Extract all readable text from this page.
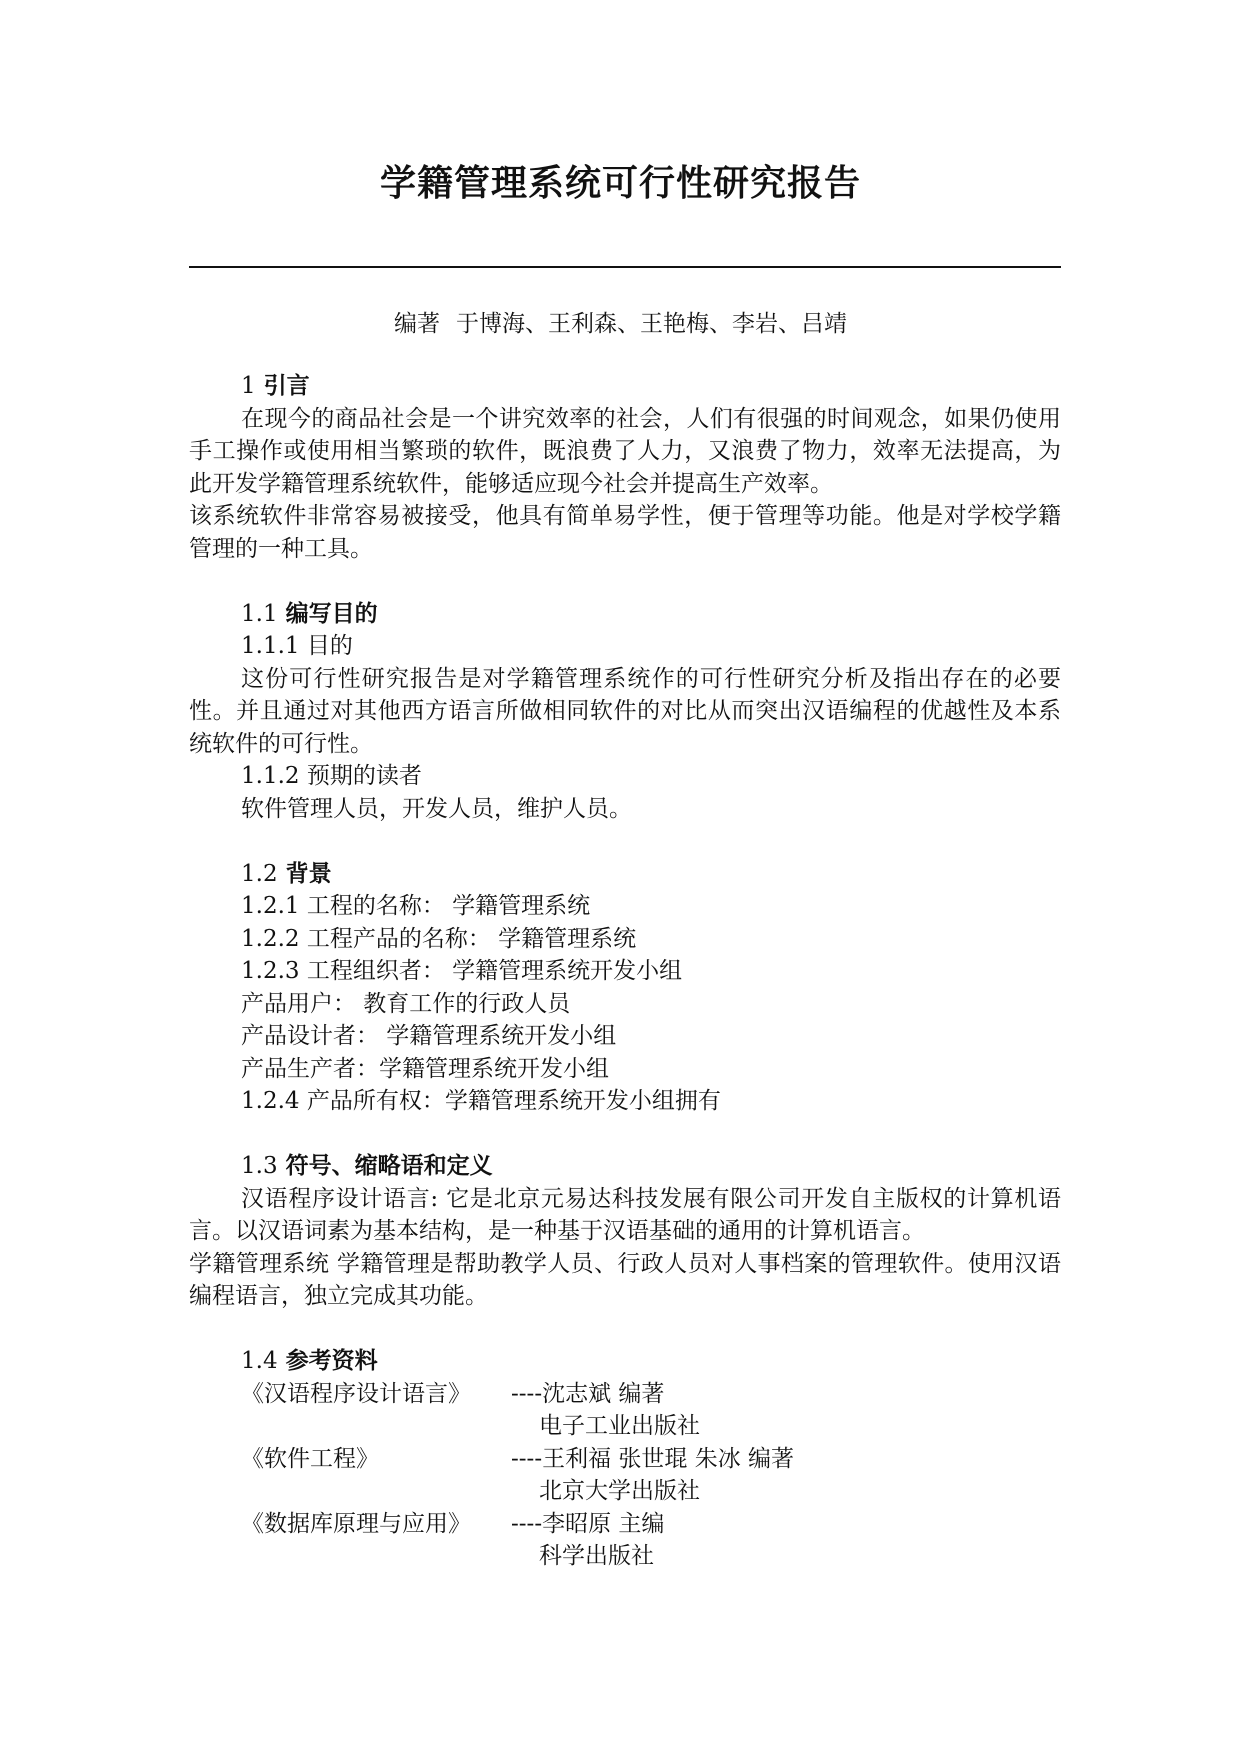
学籍管理系统可行性研究报告
编著 于博海、王利森、王艳梅、李岩、吕靖
1 引言

在现今的商品社会是一个讲究效率的社会，人们有很强的时间观念，如果仍使用手工操作或使用相当繁琐的软件，既浪费了人力，又浪费了物力，效率无法提高，为此开发学籍管理系统软件，能够适应现今社会并提高生产效率。

该系统软件非常容易被接受，他具有简单易学性，便于管理等功能。他是对学校学籍管理的一种工具。

1.1 编写目的
1.1.1 目的

这份可行性研究报告是对学籍管理系统作的可行性研究分析及指出存在的必要性。并且通过对其他西方语言所做相同软件的对比从而突出汉语编程的优越性及本系统软件的可行性。

1.1.2 预期的读者
软件管理人员，开发人员，维护人员。
1.2 背景
1.2.1 工程的名称： 学籍管理系统
1.2.2 工程产品的名称： 学籍管理系统
1.2.3 工程组织者： 学籍管理系统开发小组
产品用户： 教育工作的行政人员
产品设计者： 学籍管理系统开发小组
产品生产者：学籍管理系统开发小组
1.2.4 产品所有权：学籍管理系统开发小组拥有
1.3 符号、缩略语和定义

汉语程序设计语言: 它是北京元易达科技发展有限公司开发自主版权的计算机语言。以汉语词素为基本结构，是一种基于汉语基础的通用的计算机语言。

学籍管理系统 学籍管理是帮助教学人员、行政人员对人事档案的管理软件。使用汉语编程语言，独立完成其功能。

1.4 参考资料
《汉语程序设计语言》	----沈志斌 编著
电子工业出版社
《软件工程》	----王利福 张世琨 朱冰 编著
北京大学出版社
《数据库原理与应用》	----李昭原 主编
科学出版社
